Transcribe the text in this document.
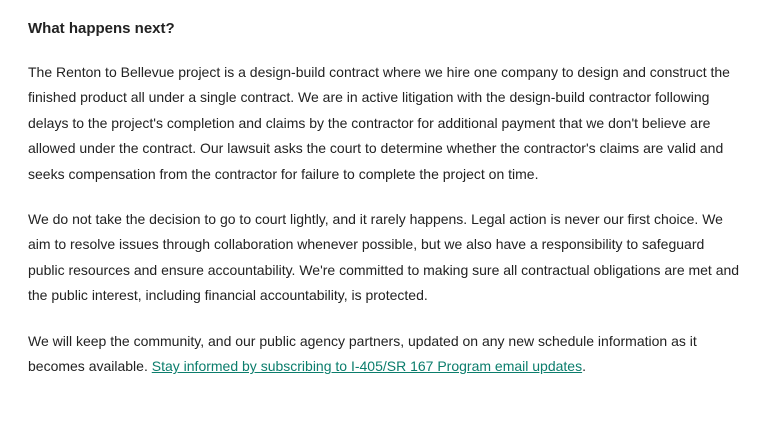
What happens next?

The Renton to Bellevue project is a design-build contract where we hire one company to design and construct the finished product all under a single contract. We are in active litigation with the design-build contractor following delays to the project's completion and claims by the contractor for additional payment that we don't believe are allowed under the contract. Our lawsuit asks the court to determine whether the contractor's claims are valid and seeks compensation from the contractor for failure to complete the project on time.

We do not take the decision to go to court lightly, and it rarely happens. Legal action is never our first choice. We aim to resolve issues through collaboration whenever possible, but we also have a responsibility to safeguard public resources and ensure accountability. We're committed to making sure all contractual obligations are met and the public interest, including financial accountability, is protected.

We will keep the community, and our public agency partners, updated on any new schedule information as it becomes available. Stay informed by subscribing to I-405/SR 167 Program email updates.
